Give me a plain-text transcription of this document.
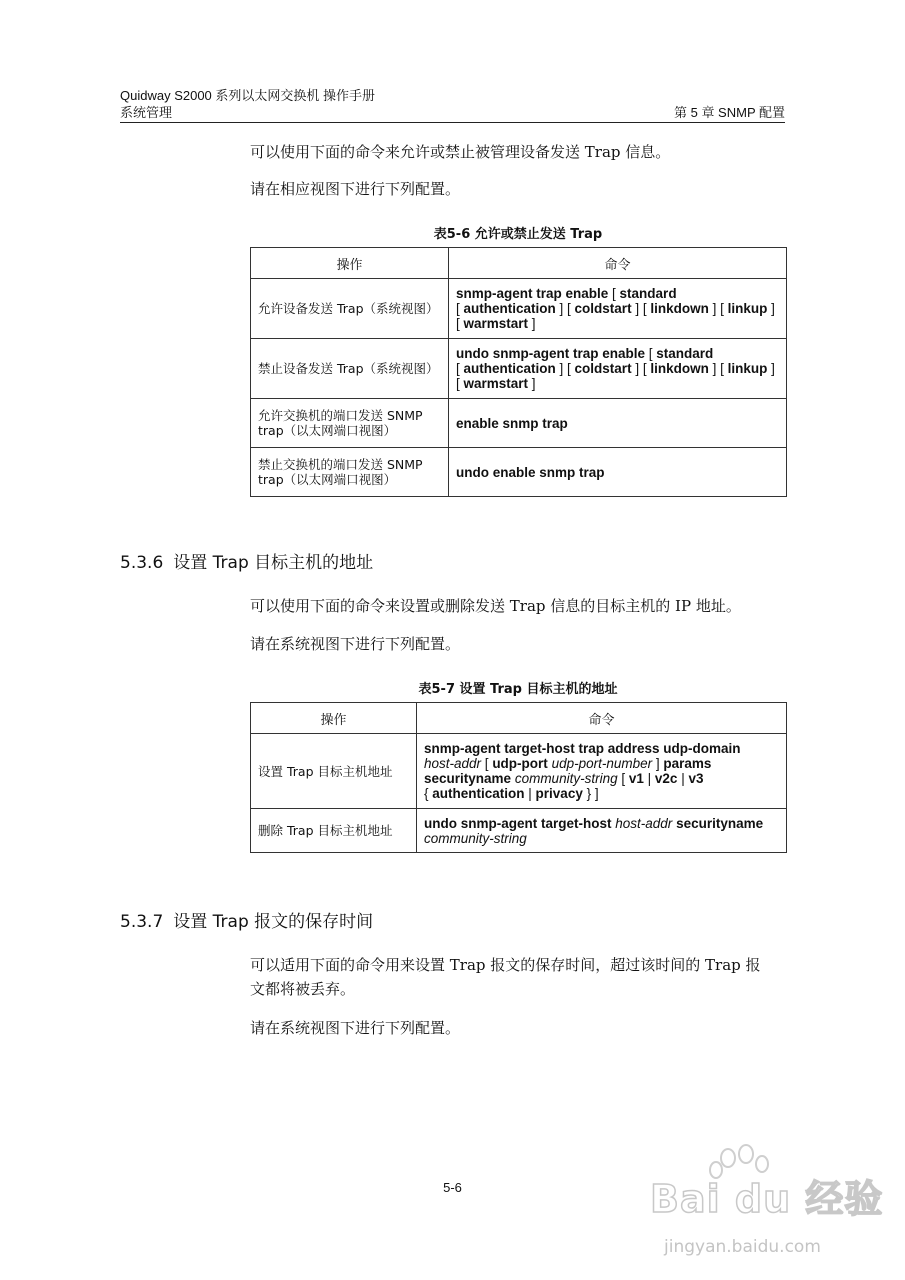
Quidway S2000 系列以太网交换机 操作手册
系统管理	第 5 章 SNMP 配置
可以使用下面的命令来允许或禁止被管理设备发送 Trap 信息。
请在相应视图下进行下列配置。
表5-6 允许或禁止发送 Trap
操作	命令
允许设备发送 Trap（系统视图）	snmp-agent trap enable [ standard
[ authentication ] [ coldstart ] [ linkdown ] [ linkup ]
[ warmstart ]
禁止设备发送 Trap（系统视图）	undo snmp-agent trap enable [ standard
[ authentication ] [ coldstart ] [ linkdown ] [ linkup ]
[ warmstart ]
允许交换机的端口发送 SNMP trap（以太网端口视图）	enable snmp trap
禁止交换机的端口发送 SNMP trap（以太网端口视图）	undo enable snmp trap
5.3.6 设置 Trap 目标主机的地址
可以使用下面的命令来设置或删除发送 Trap 信息的目标主机的 IP 地址。
请在系统视图下进行下列配置。
表5-7 设置 Trap 目标主机的地址
操作	命令
设置 Trap 目标主机地址	snmp-agent target-host trap address udp-domain
host-addr [ udp-port udp-port-number ] params
securityname community-string [ v1 | v2c | v3
{ authentication | privacy } ]
删除 Trap 目标主机地址	undo snmp-agent target-host host-addr securityname
community-string
5.3.7 设置 Trap 报文的保存时间
可以适用下面的命令用来设置 Trap 报文的保存时间，超过该时间的 Trap 报
文都将被丢弃。
请在系统视图下进行下列配置。
5-6	Bai du 经验
jingyan.baidu.com
